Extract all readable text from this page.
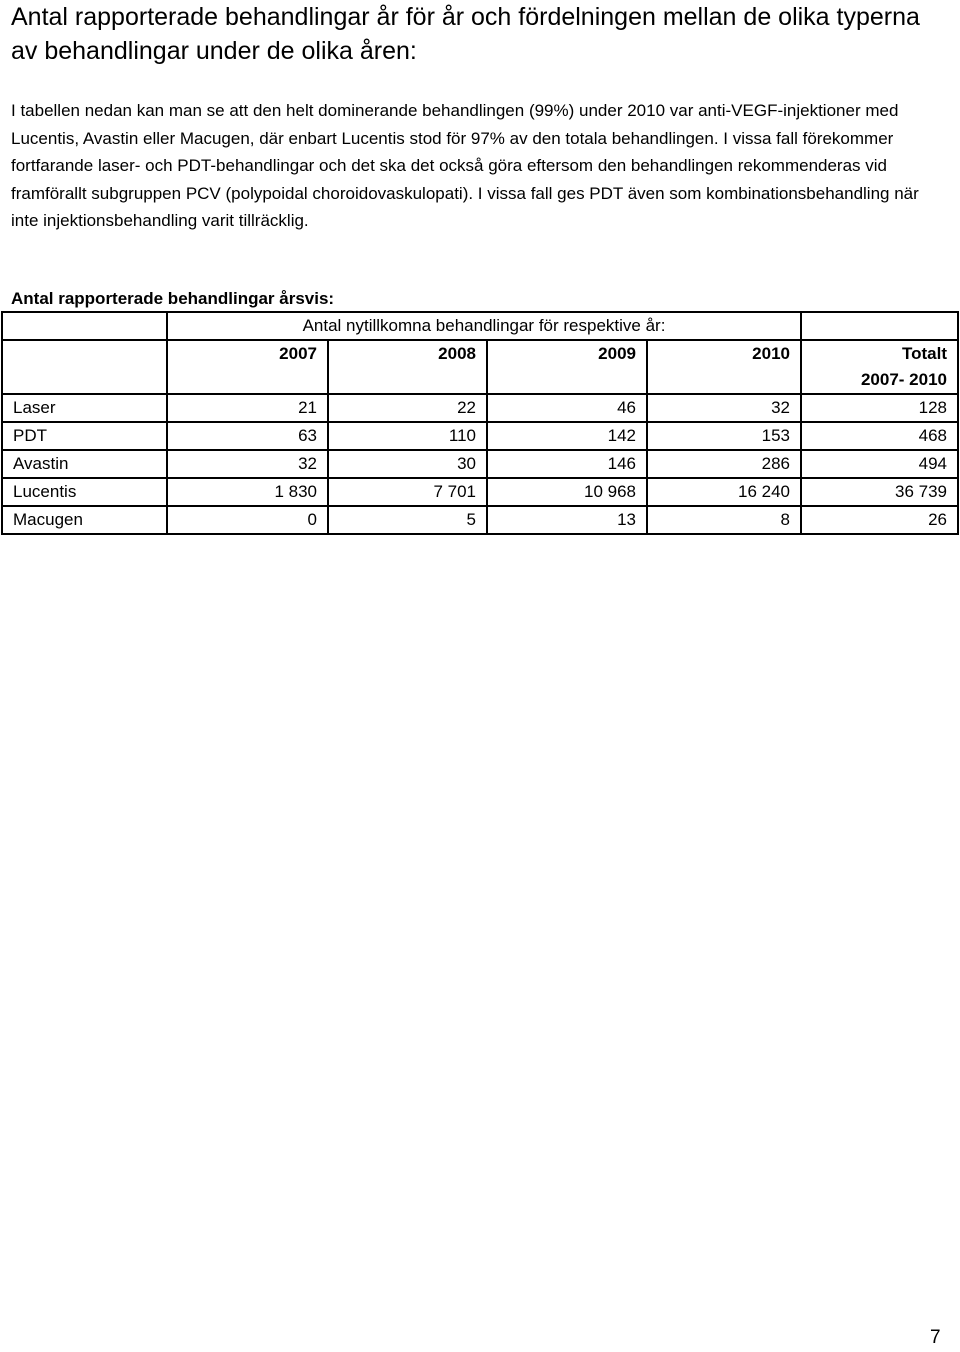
Antal rapporterade behandlingar år för år och fördelningen mellan de olika typerna av behandlingar under de olika åren:

I tabellen nedan kan man se att den helt dominerande behandlingen (99%) under 2010 var anti-VEGF-injektioner med Lucentis, Avastin eller Macugen, där enbart Lucentis stod för 97% av den totala behandlingen. I vissa fall förekommer fortfarande laser- och PDT-behandlingar och det ska det också göra eftersom den behandlingen rekommenderas vid framförallt subgruppen PCV (polypoidal choroidovaskulopati). I vissa fall ges PDT även som kombinationsbehandling när inte injektionsbehandling varit tillräcklig.

Antal rapporterade behandlingar årsvis:

	Antal nytillkomna behandlingar för respektive år:				
	2007	2008	2009	2010	Totalt
2007- 2010
Laser	21	22	46	32	128
PDT	63	110	142	153	468
Avastin	32	30	146	286	494
Lucentis	1 830	7 701	10 968	16 240	36 739
Macugen	0	5	13	8	26
7
